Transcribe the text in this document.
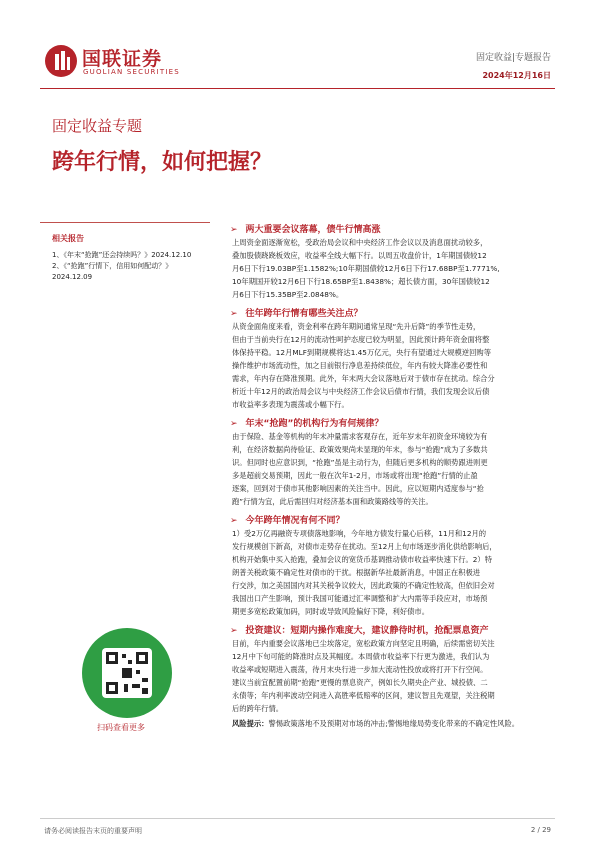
国联证券
GUOLIAN SECURITIES
固定收益|专题报告
2024年12月16日
固定收益专题
跨年行情，如何把握？
相关报告
1、《年末“抢跑”还会持续吗？》2024.12.10
2、《“抢跑”行情下，信用如何配动？》
2024.12.09
扫码查看更多
➢ 两大重要会议落幕，债牛行情高涨
上周资金面逐渐宽松，受政治局会议和中央经济工作会议以及消息面扰动较多，
叠加股债跷跷板效应，收益率全线大幅下行。以周五收盘价计，1年期国债较12
月6日下行19.03BP至1.1582%;10年期国债较12月6日下行17.68BP至1.7771%,
10年期国开较12月6日下行18.65BP至1.8438%；超长债方面，30年国债较12
月6日下行15.35BP至2.0848%。
➢ 往年跨年行情有哪些关注点？
从资金面角度来看，资金利率在跨年期间通常呈现“先升后降”的季节性走势，
但由于当前央行在12月的流动性呵护态度已较为明显，因此预计跨年资金面将整
体保持平稳。12月MLF到期规模将达1.45万亿元，央行有望通过大规模逆回购等
操作维护市场流动性，加之目前银行净息差持续低位，年内有较大降准必要性和
需求，年内存在降准预期。此外，年末两大会议落地后对于债市存在扰动。综合分
析近十年12月的政治局会议与中央经济工作会议后债市行情，我们发现会议后债
市收益率多表现为震荡或小幅下行。
➢ 年末“抢跑”的机构行为有何规律？
由于保险、基金等机构的年末冲量需求客观存在，近年岁末年初资金环境较为有
利，在经济数据尚待验证、政策效果尚未显现的年末，参与“抢跑”成为了多数共
识。但同时也应意识到，“抢跑”虽是主动行为，但随后更多机构的顺势跟进则更
多是超前交易预期，因此一般在次年1-2月，市场或将出现“抢跑”行情的止盈
逐案，回到对于债市其他影响因素的关注当中。因此，应以短期内适度参与“抢
跑”行情为宜，此后需回归对经济基本面和政策路线等的关注。
➢ 今年跨年情况有何不同？
1）受2万亿再融资专项债落地影响，今年地方债发行量心后移，11月和12月的
发行规模创下新高，对债市走势存在扰动。至12月上旬市场逐步消化供给影响后，
机构开始集中买入抢跑，叠加会议的宽货币基调推动债市收益率快速下行。2）特
朗普关税政策不确定性对债市的干扰。根据新华社最新消息，中国正在积极进
行交涉，加之美国国内对其关税争议较大，因此政策的不确定性较高，但依旧会对
我国出口产生影响，预计我国可能通过汇率调整和扩大内需等手段应对，市场预
期更多宽松政策加码，同时或导致风险偏好下降，利好债市。
➢ 投资建议：短期内操作难度大，建议静待时机，抢配票息资产
目前，年内重要会议落地已尘埃落定，宽松政策方向坚定且明确，后续需密切关注
12月中下旬可能的降准时点及其幅度。本周债市收益率下行更为激进，我们认为
收益率或短期进入震荡，待月末央行进一步加大流动性投放或将打开下行空间。
建议当前宜配置前期“抢跑”更慢的票息资产，例如长久期央企产业、城投债、二
永债等；年内利率波动空间进入高胜率低赔率的区间，建议智且先观望，关注税期
后的跨年行情。
风险提示：警惕政策落地不及预期对市场的冲击;警惕地缘局势变化带来的不确定性风险。
请务必阅读报告末页的重要声明	2 / 29
